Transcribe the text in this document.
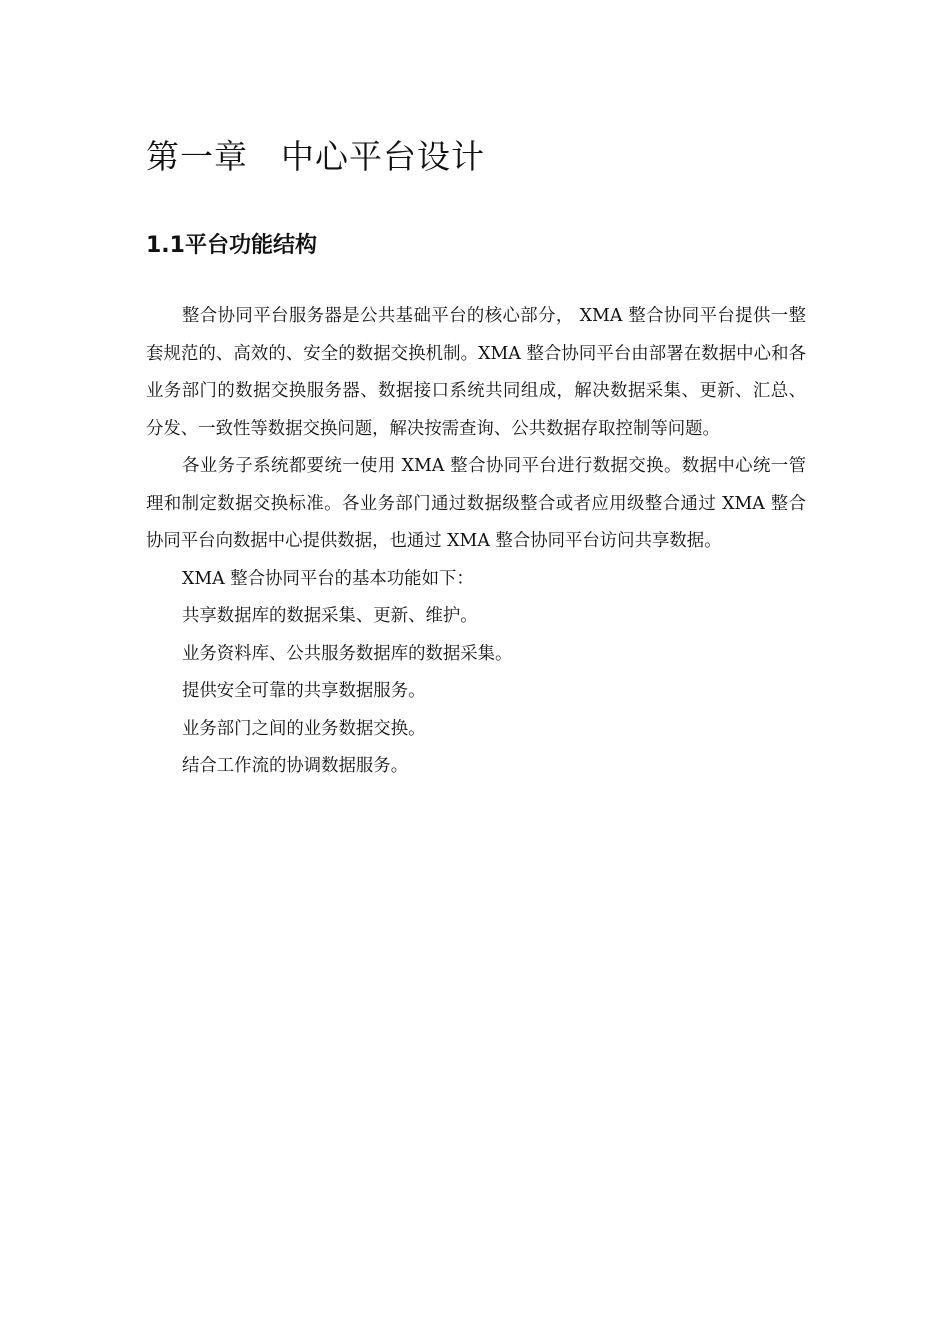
第一章 中心平台设计
1.1平台功能结构

整合协同平台服务器是公共基础平台的核心部分， XMA 整合协同平台提供一整套规范的、高效的、安全的数据交换机制。XMA 整合协同平台由部署在数据中心和各业务部门的数据交换服务器、数据接口系统共同组成，解决数据采集、更新、汇总、分发、一致性等数据交换问题，解决按需查询、公共数据存取控制等问题。

各业务子系统都要统一使用 XMA 整合协同平台进行数据交换。数据中心统一管理和制定数据交换标准。各业务部门通过数据级整合或者应用级整合通过 XMA 整合协同平台向数据中心提供数据，也通过 XMA 整合协同平台访问共享数据。

XMA 整合协同平台的基本功能如下：

共享数据库的数据采集、更新、维护。

业务资料库、公共服务数据库的数据采集。

提供安全可靠的共享数据服务。

业务部门之间的业务数据交换。

结合工作流的协调数据服务。
